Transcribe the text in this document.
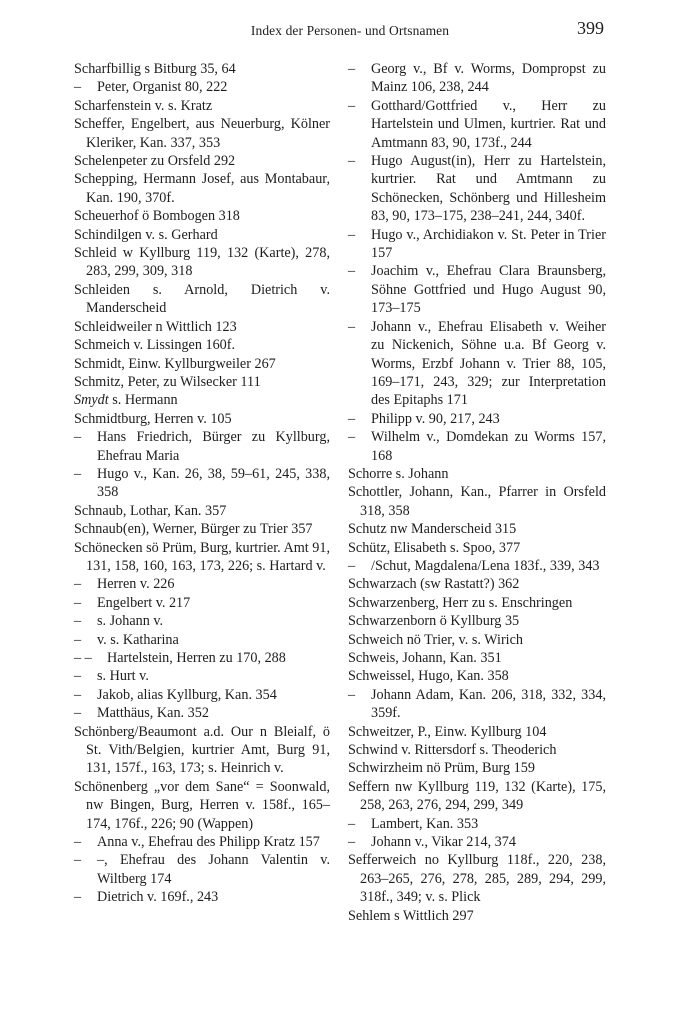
Index der Personen- und Ortsnamen	399
Scharfbillig s Bitburg 35, 64
– Peter, Organist 80, 222
Scharfenstein v. s. Kratz
Scheffer, Engelbert, aus Neuerburg, Kölner Kleriker, Kan. 337, 353
Schelenpeter zu Orsfeld 292
Schepping, Hermann Josef, aus Montabaur, Kan. 190, 370f.
Scheuerhof ö Bombogen 318
Schindilgen v. s. Gerhard
Schleid w Kyllburg 119, 132 (Karte), 278, 283, 299, 309, 318
Schleiden s. Arnold, Dietrich v. Manderscheid
Schleidweiler n Wittlich 123
Schmeich v. Lissingen 160f.
Schmidt, Einw. Kyllburgweiler 267
Schmitz, Peter, zu Wilsecker 111
Smydt s. Hermann
Schmidtburg, Herren v. 105
– Hans Friedrich, Bürger zu Kyllburg, Ehefrau Maria
– Hugo v., Kan. 26, 38, 59–61, 245, 338, 358
Schnaub, Lothar, Kan. 357
Schnaub(en), Werner, Bürger zu Trier 357
Schönecken sö Prüm, Burg, kurtrier. Amt 91, 131, 158, 160, 163, 173, 226; s. Hartard v.
– Herren v. 226
– Engelbert v. 217
– s. Johann v.
– v. s. Katharina
– – Hartelstein, Herren zu 170, 288
– s. Hurt v.
– Jakob, alias Kyllburg, Kan. 354
– Matthäus, Kan. 352
Schönberg/Beaumont a.d. Our n Bleialf, ö St. Vith/Belgien, kurtrier Amt, Burg 91, 131, 157f., 163, 173; s. Heinrich v.
Schönenberg „vor dem Sane“ = Soonwald, nw Bingen, Burg, Herren v. 158f., 165–174, 176f., 226; 90 (Wappen)
– Anna v., Ehefrau des Philipp Kratz 157
– –, Ehefrau des Johann Valentin v. Wiltberg 174
– Dietrich v. 169f., 243
– Georg v., Bf v. Worms, Dompropst zu Mainz 106, 238, 244
– Gotthard/Gottfried v., Herr zu Hartelstein und Ulmen, kurtrier. Rat und Amtmann 83, 90, 173f., 244
– Hugo August(in), Herr zu Hartelstein, kurtrier. Rat und Amtmann zu Schönecken, Schönberg und Hillesheim 83, 90, 173–175, 238–241, 244, 340f.
– Hugo v., Archidiakon v. St. Peter in Trier 157
– Joachim v., Ehefrau Clara Braunsberg, Söhne Gottfried und Hugo August 90, 173–175
– Johann v., Ehefrau Elisabeth v. Weiher zu Nickenich, Söhne u.a. Bf Georg v. Worms, Erzbf Johann v. Trier 88, 105, 169–171, 243, 329; zur Interpretation des Epitaphs 171
– Philipp v. 90, 217, 243
– Wilhelm v., Domdekan zu Worms 157, 168
Schorre s. Johann
Schottler, Johann, Kan., Pfarrer in Orsfeld 318, 358
Schutz nw Manderscheid 315
Schütz, Elisabeth s. Spoo, 377
– /Schut, Magdalena/Lena 183f., 339, 343
Schwarzach (sw Rastatt?) 362
Schwarzenberg, Herr zu s. Enschringen
Schwarzenborn ö Kyllburg 35
Schweich nö Trier, v. s. Wirich
Schweis, Johann, Kan. 351
Schweissel, Hugo, Kan. 358
– Johann Adam, Kan. 206, 318, 332, 334, 359f.
Schweitzer, P., Einw. Kyllburg 104
Schwind v. Rittersdorf s. Theoderich
Schwirzheim nö Prüm, Burg 159
Seffern nw Kyllburg 119, 132 (Karte), 175, 258, 263, 276, 294, 299, 349
– Lambert, Kan. 353
– Johann v., Vikar 214, 374
Sefferweich no Kyllburg 118f., 220, 238, 263–265, 276, 278, 285, 289, 294, 299, 318f., 349; v. s. Plick
Sehlem s Wittlich 297
